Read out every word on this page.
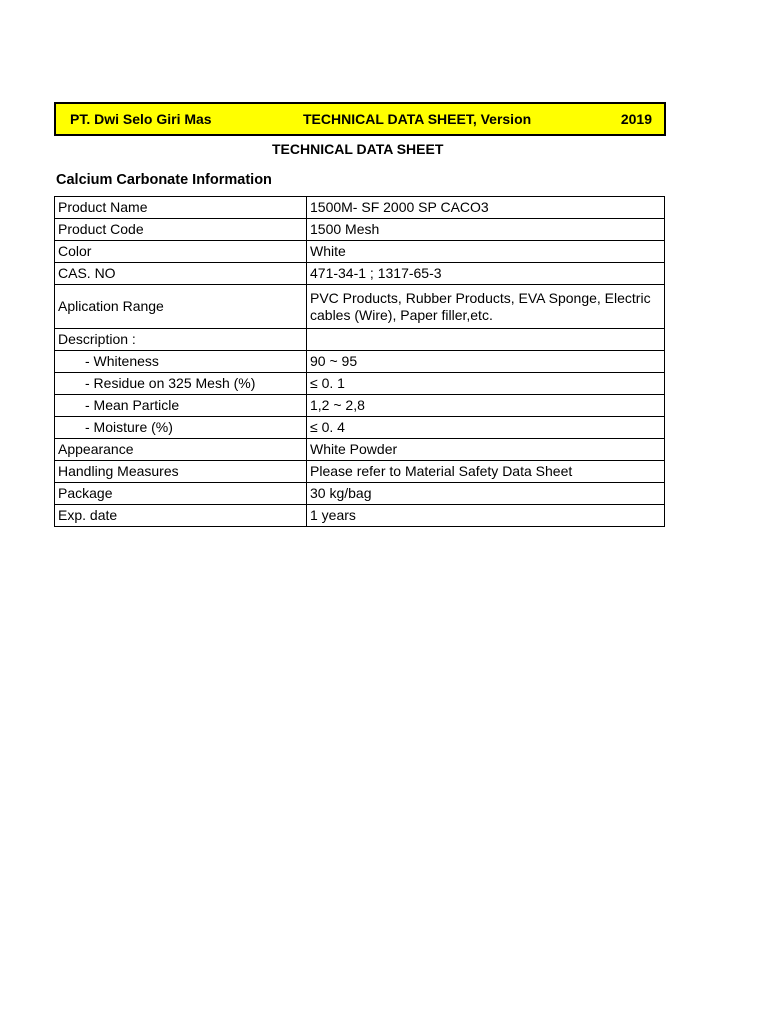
PT. Dwi Selo Giri Mas	TECHNICAL DATA SHEET, Version	2019
TECHNICAL DATA SHEET
Calcium Carbonate Information
Product Name	1500M- SF 2000 SP CACO3
Product Code	1500 Mesh
Color	White
CAS. NO	471-34-1 ; 1317-65-3
Aplication Range	PVC Products, Rubber Products, EVA Sponge, Electric cables (Wire), Paper filler,etc.
Description :	
- Whiteness	90 ~ 95
- Residue on 325 Mesh (%)	≤ 0. 1
- Mean Particle	1,2 ~ 2,8
- Moisture (%)	≤ 0. 4
Appearance	White Powder
Handling Measures	Please refer to Material Safety Data Sheet
Package	30 kg/bag
Exp. date	1 years
